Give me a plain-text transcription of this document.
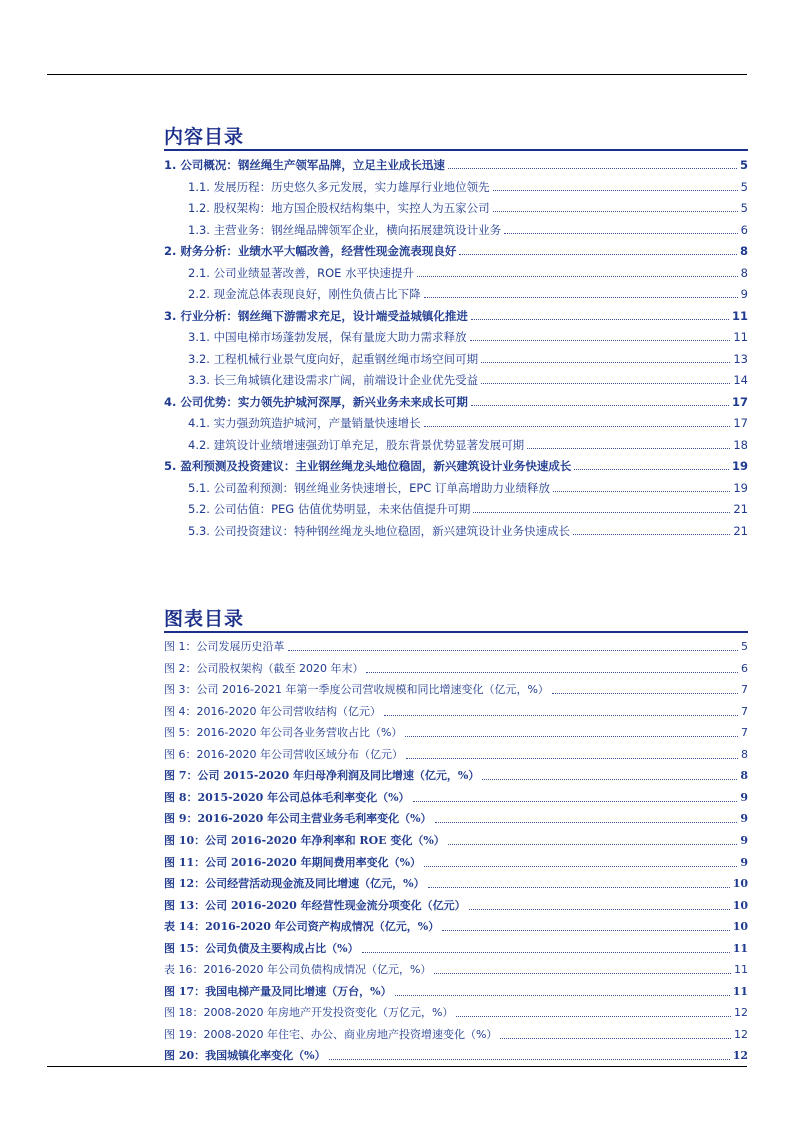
内容目录
1. 公司概况：钢丝绳生产领军品牌，立足主业成长迅速	5
1.1. 发展历程：历史悠久多元发展，实力雄厚行业地位领先	5
1.2. 股权架构：地方国企股权结构集中，实控人为五家公司	5
1.3. 主营业务：钢丝绳品牌领军企业，横向拓展建筑设计业务	6
2. 财务分析：业绩水平大幅改善，经营性现金流表现良好	8
2.1. 公司业绩显著改善，ROE 水平快速提升	8
2.2. 现金流总体表现良好，刚性负债占比下降	9
3. 行业分析：钢丝绳下游需求充足，设计端受益城镇化推进	11
3.1. 中国电梯市场蓬勃发展，保有量庞大助力需求释放	11
3.2. 工程机械行业景气度向好，起重钢丝绳市场空间可期	13
3.3. 长三角城镇化建设需求广阔，前端设计企业优先受益	14
4. 公司优势：实力领先护城河深厚，新兴业务未来成长可期	17
4.1. 实力强劲筑造护城河，产量销量快速增长	17
4.2. 建筑设计业绩增速强劲订单充足，股东背景优势显著发展可期	18
5. 盈利预测及投资建议：主业钢丝绳龙头地位稳固，新兴建筑设计业务快速成长	19
5.1. 公司盈利预测：钢丝绳业务快速增长，EPC 订单高增助力业绩释放	19
5.2. 公司估值：PEG 估值优势明显，未来估值提升可期	21
5.3. 公司投资建议：特种钢丝绳龙头地位稳固，新兴建筑设计业务快速成长	21
图表目录
图 1：公司发展历史沿革	5
图 2：公司股权架构（截至 2020 年末）	6
图 3：公司 2016-2021 年第一季度公司营收规模和同比增速变化（亿元，%）	7
图 4：2016-2020 年公司营收结构（亿元）	7
图 5：2016-2020 年公司各业务营收占比（%）	7
图 6：2016-2020 年公司营收区域分布（亿元）	8
图 7：公司 2015-2020 年归母净利润及同比增速（亿元，%）	8
图 8：2015-2020 年公司总体毛利率变化（%）	9
图 9：2016-2020 年公司主营业务毛利率变化（%）	9
图 10：公司 2016-2020 年净利率和 ROE 变化（%）	9
图 11：公司 2016-2020 年期间费用率变化（%）	9
图 12：公司经营活动现金流及同比增速（亿元，%）	10
图 13：公司 2016-2020 年经营性现金流分项变化（亿元）	10
表 14：2016-2020 年公司资产构成情况（亿元，%）	10
图 15：公司负债及主要构成占比（%）	11
表 16：2016-2020 年公司负债构成情况（亿元，%）	11
图 17：我国电梯产量及同比增速（万台，%）	11
图 18：2008-2020 年房地产开发投资变化（万亿元，%）	12
图 19：2008-2020 年住宅、办公、商业房地产投资增速变化（%）	12
图 20：我国城镇化率变化（%）	12
